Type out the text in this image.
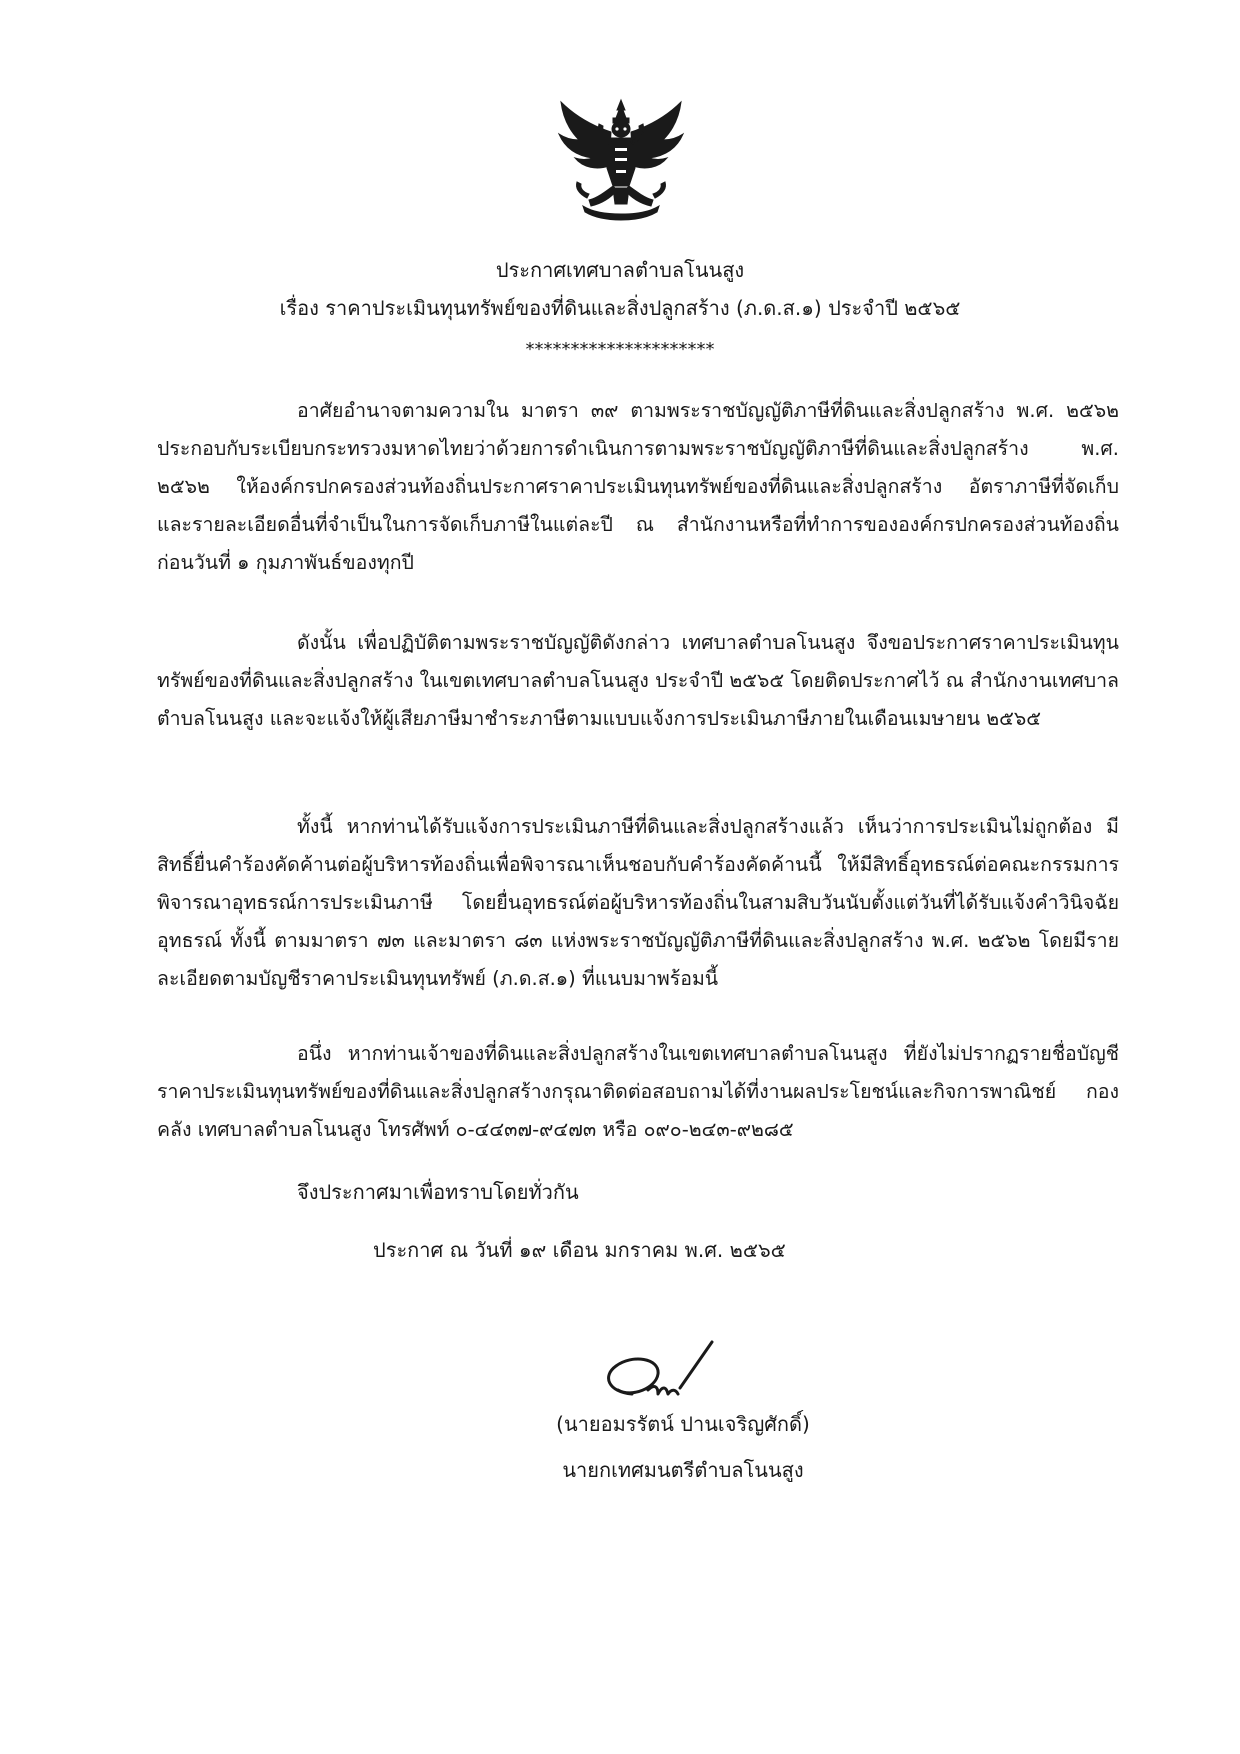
ประกาศเทศบาลตำบลโนนสูง
เรื่อง ราคาประเมินทุนทรัพย์ของที่ดินและสิ่งปลูกสร้าง (ภ.ด.ส.๑) ประจำปี ๒๕๖๕
*********************

อาศัยอำนาจตามความใน มาตรา ๓๙ ตามพระราชบัญญัติภาษีที่ดินและสิ่งปลูกสร้าง พ.ศ. ๒๕๖๒ ประกอบกับระเบียบกระทรวงมหาดไทยว่าด้วยการดำเนินการตามพระราชบัญญัติภาษีที่ดินและสิ่งปลูกสร้าง พ.ศ. ๒๕๖๒ ให้องค์กรปกครองส่วนท้องถิ่นประกาศราคาประเมินทุนทรัพย์ของที่ดินและสิ่งปลูกสร้าง อัตราภาษีที่จัดเก็บ และรายละเอียดอื่นที่จำเป็นในการจัดเก็บภาษีในแต่ละปี ณ สำนักงานหรือที่ทำการขององค์กรปกครองส่วนท้องถิ่นก่อนวันที่ ๑ กุมภาพันธ์ของทุกปี

ดังนั้น เพื่อปฏิบัติตามพระราชบัญญัติดังกล่าว เทศบาลตำบลโนนสูง จึงขอประกาศราคาประเมินทุนทรัพย์ของที่ดินและสิ่งปลูกสร้าง ในเขตเทศบาลตำบลโนนสูง ประจำปี ๒๕๖๕ โดยติดประกาศไว้ ณ สำนักงานเทศบาลตำบลโนนสูง และจะแจ้งให้ผู้เสียภาษีมาชำระภาษีตามแบบแจ้งการประเมินภาษีภายในเดือนเมษายน ๒๕๖๕

ทั้งนี้ หากท่านได้รับแจ้งการประเมินภาษีที่ดินและสิ่งปลูกสร้างแล้ว เห็นว่าการประเมินไม่ถูกต้อง มีสิทธิ์ยื่นคำร้องคัดค้านต่อผู้บริหารท้องถิ่นเพื่อพิจารณาเห็นชอบกับคำร้องคัดค้านนี้ ให้มีสิทธิ์อุทธรณ์ต่อคณะกรรมการพิจารณาอุทธรณ์การประเมินภาษี โดยยื่นอุทธรณ์ต่อผู้บริหารท้องถิ่นในสามสิบวันนับตั้งแต่วันที่ได้รับแจ้งคำวินิจฉัยอุทธรณ์ ทั้งนี้ ตามมาตรา ๗๓ และมาตรา ๘๓ แห่งพระราชบัญญัติภาษีที่ดินและสิ่งปลูกสร้าง พ.ศ. ๒๕๖๒ โดยมีรายละเอียดตามบัญชีราคาประเมินทุนทรัพย์ (ภ.ด.ส.๑) ที่แนบมาพร้อมนี้

อนึ่ง หากท่านเจ้าของที่ดินและสิ่งปลูกสร้างในเขตเทศบาลตำบลโนนสูง ที่ยังไม่ปรากฏรายชื่อบัญชีราคาประเมินทุนทรัพย์ของที่ดินและสิ่งปลูกสร้างกรุณาติดต่อสอบถามได้ที่งานผลประโยชน์และกิจการพาณิชย์ กองคลัง เทศบาลตำบลโนนสูง โทรศัพท์ ๐-๔๔๓๗-๙๔๗๓ หรือ ๐๙๐-๒๔๓-๙๒๘๕

จึงประกาศมาเพื่อทราบโดยทั่วกัน
ประกาศ ณ วันที่ ๑๙ เดือน มกราคม พ.ศ. ๒๕๖๕
(นายอมรรัตน์ ปานเจริญศักดิ์)
นายกเทศมนตรีตำบลโนนสูง
